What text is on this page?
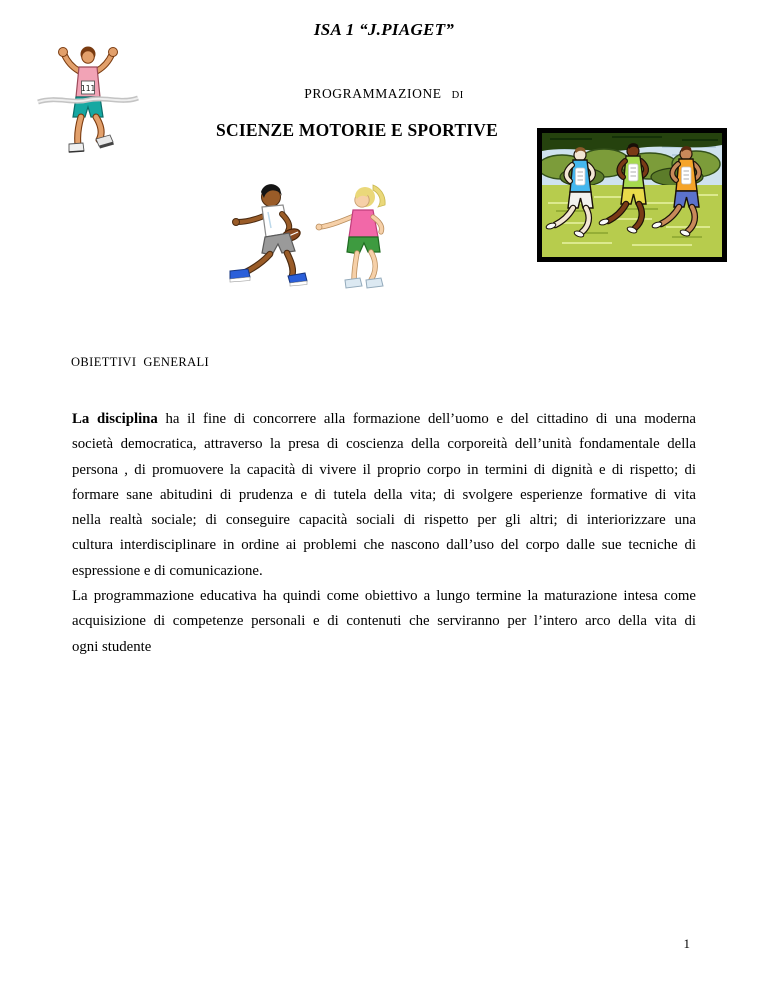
ISA 1 “J.PIAGET”
111	PROGRAMMAZIONE DI
SCIENZE MOTORIE E SPORTIVE
OBIETTIVI  GENERALI
La disciplina ha il fine di concorrere alla formazione dell’uomo e del cittadino di una moderna
società democratica, attraverso la presa di coscienza della corporeità dell’unità fondamentale della
persona , di promuovere la capacità di vivere il proprio corpo in termini di dignità e di rispetto; di
formare sane abitudini di prudenza e di tutela della vita; di svolgere esperienze formative di vita
nella realtà sociale; di conseguire capacità sociali di rispetto per gli altri; di interiorizzare una
cultura interdisciplinare in ordine ai problemi che nascono dall’uso del corpo dalle sue tecniche di
espressione e di comunicazione.
La programmazione educativa ha quindi come obiettivo a lungo termine la maturazione intesa come
acquisizione di competenze personali e di contenuti che serviranno per l’intero arco della vita di
ogni studente
1
